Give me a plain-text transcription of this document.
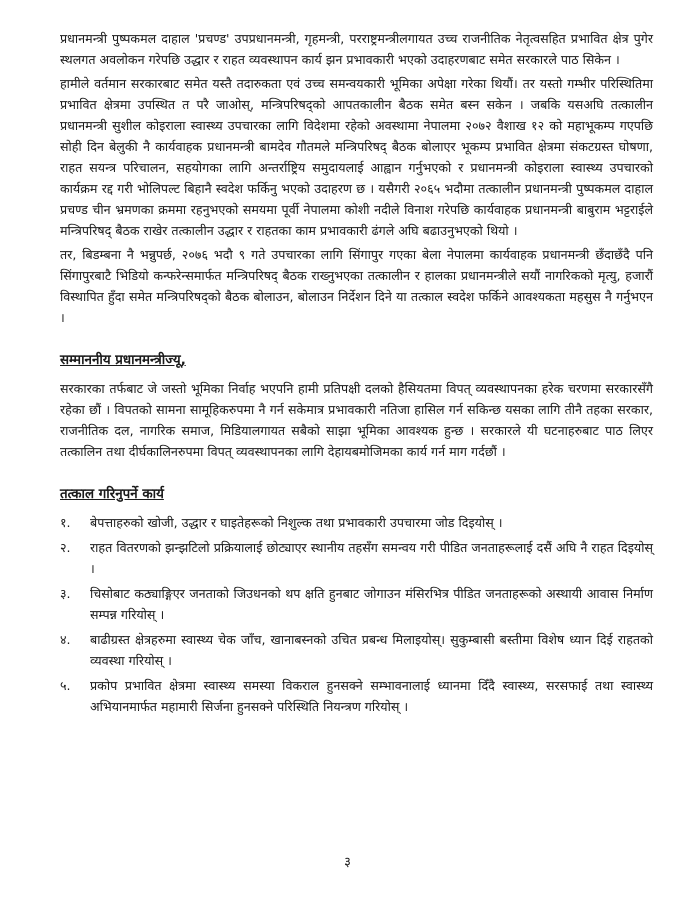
प्रधानमन्त्री पुष्पकमल दाहाल 'प्रचण्ड' उपप्रधानमन्त्री, गृहमन्त्री, परराष्ट्रमन्त्रीलगायत उच्च राजनीतिक नेतृत्वसहित प्रभावित क्षेत्र पुगेर स्थलगत अवलोकन गरेपछि उद्धार र राहत व्यवस्थापन कार्य झन प्रभावकारी भएको उदाहरणबाट समेत सरकारले पाठ सिकेन ।

हामीले वर्तमान सरकारबाट समेत यस्तै तदारुकता एवं उच्च समन्वयकारी भूमिका अपेक्षा गरेका थियौं। तर यस्तो गम्भीर परिस्थितिमा प्रभावित क्षेत्रमा उपस्थित त परै जाओस्, मन्त्रिपरिषद्को आपतकालीन बैठक समेत बस्न सकेन । जबकि यसअघि तत्कालीन प्रधानमन्त्री सुशील कोइराला स्वास्थ्य उपचारका लागि विदेशमा रहेको अवस्थामा नेपालमा २०७२ वैशाख १२ को महाभूकम्प गएपछि सोही दिन बेलुकी नै कार्यवाहक प्रधानमन्त्री बामदेव गौतमले मन्त्रिपरिषद् बैठक बोलाएर भूकम्प प्रभावित क्षेत्रमा संकटग्रस्त घोषणा, राहत सयन्त्र परिचालन, सहयोगका लागि अन्तर्राष्ट्रिय समुदायलाई आह्वान गर्नुभएको र प्रधानमन्त्री कोइराला स्वास्थ्य उपचारको कार्यक्रम रद्द गरी भोलिपल्ट बिहानै स्वदेश फर्किनु भएको उदाहरण छ । यसैगरी २०६५ भदौमा तत्कालीन प्रधानमन्त्री पुष्पकमल दाहाल प्रचण्ड चीन भ्रमणका क्रममा रहनुभएको समयमा पूर्वी नेपालमा कोशी नदीले विनाश गरेपछि कार्यवाहक प्रधानमन्त्री बाबुराम भट्टराईले मन्त्रिपरिषद् बैठक राखेर तत्कालीन उद्धार र राहतका काम प्रभावकारी ढंगले अघि बढाउनुभएको थियो ।

तर, बिडम्बना नै भन्नुपर्छ, २०७६ भदौ ९ गते उपचारका लागि सिंगापुर गएका बेला नेपालमा कार्यवाहक प्रधानमन्त्री छँदाछँदै पनि सिंगापुरबाटै भिडियो कन्फरेन्समार्फत मन्त्रिपरिषद् बैठक राख्नुभएका तत्कालीन र हालका प्रधानमन्त्रीले सयौं नागरिकको मृत्यु, हजारौं विस्थापित हुँदा समेत मन्त्रिपरिषद्को बैठक बोलाउन, बोलाउन निर्देशन दिने या तत्काल स्वदेश फर्किने आवश्यकता महसुस नै गर्नुभएन ।

सम्माननीय प्रधानमन्त्रीज्यू,

सरकारका तर्फबाट जे जस्तो भूमिका निर्वाह भएपनि हामी प्रतिपक्षी दलको हैसियतमा विपत् व्यवस्थापनका हरेक चरणमा सरकारसँगै रहेका छौं । विपतको सामना सामूहिकरुपमा नै गर्न सकेमात्र प्रभावकारी नतिजा हासिल गर्न सकिन्छ यसका लागि तीनै तहका सरकार, राजनीतिक दल, नागरिक समाज, मिडियालगायत सबैको साझा भूमिका आवश्यक हुन्छ । सरकारले यी घटनाहरुबाट पाठ लिएर तत्कालिन तथा दीर्घकालिनरुपमा विपत् व्यवस्थापनका लागि देहायबमोजिमका कार्य गर्न माग गर्दछौं ।

तत्काल गरिनुपर्ने कार्य
१.	बेपत्ताहरुको खोजी, उद्धार र घाइतेहरूको निशुल्क तथा प्रभावकारी उपचारमा जोड दिइयोस् ।
२.	राहत वितरणको झन्झटिलो प्रक्रियालाई छोट्याएर स्थानीय तहसँग समन्वय गरी पीडित जनताहरूलाई दसैं अघि नै राहत दिइयोस् ।
३.	चिसोबाट कठ्याङ्गिएर जनताको जिउधनको थप क्षति हुनबाट जोगाउन मंसिरभित्र पीडित जनताहरूको अस्थायी आवास निर्माण सम्पन्न गरियोस् ।
४.	बाढीग्रस्त क्षेत्रहरुमा स्वास्थ्य चेक जाँच, खानाबस्नको उचित प्रबन्ध मिलाइयोस्। सुकुम्बासी बस्तीमा विशेष ध्यान दिई राहतको व्यवस्था गरियोस् ।
५.	प्रकोप प्रभावित क्षेत्रमा स्वास्थ्य समस्या विकराल हुनसक्ने सम्भावनालाई ध्यानमा दिँदै स्वास्थ्य, सरसफाई तथा स्वास्थ्य अभियानमार्फत महामारी सिर्जना हुनसक्ने परिस्थिति नियन्त्रण गरियोस् ।
३
